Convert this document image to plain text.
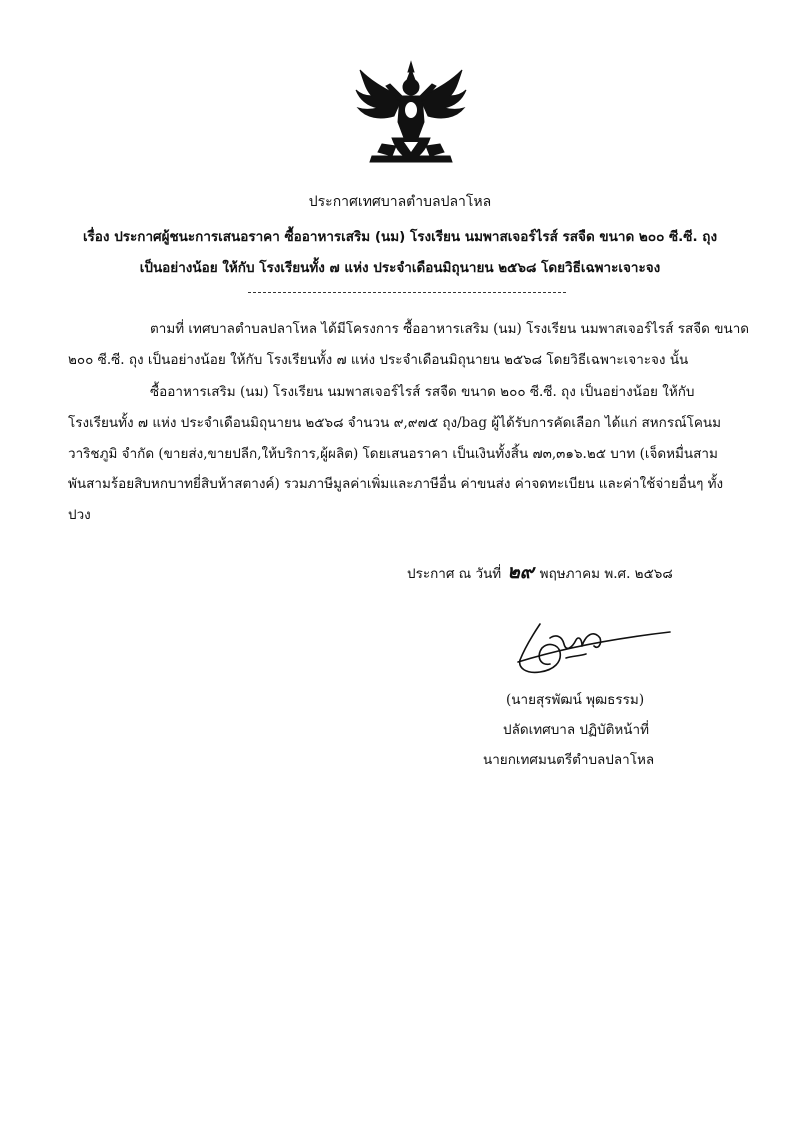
ประกาศเทศบาลตำบลปลาโหล
เรื่อง ประกาศผู้ชนะการเสนอราคา ซื้ออาหารเสริม (นม) โรงเรียน นมพาสเจอร์ไรส์ รสจืด ขนาด ๒๐๐ ซี.ซี. ถุง
เป็นอย่างน้อย ให้กับ โรงเรียนทั้ง ๗ แห่ง ประจำเดือนมิถุนายน ๒๕๖๘ โดยวิธีเฉพาะเจาะจง
ตามที่ เทศบาลตำบลปลาโหล ได้มีโครงการ ซื้ออาหารเสริม (นม) โรงเรียน นมพาสเจอร์ไรส์ รสจืด ขนาด
๒๐๐ ซี.ซี. ถุง เป็นอย่างน้อย ให้กับ โรงเรียนทั้ง ๗ แห่ง ประจำเดือนมิถุนายน ๒๕๖๘ โดยวิธีเฉพาะเจาะจง นั้น
ซื้ออาหารเสริม (นม) โรงเรียน นมพาสเจอร์ไรส์ รสจืด ขนาด ๒๐๐ ซี.ซี. ถุง เป็นอย่างน้อย ให้กับ
โรงเรียนทั้ง ๗ แห่ง ประจำเดือนมิถุนายน ๒๕๖๘ จำนวน ๙,๙๗๕ ถุง/bag ผู้ได้รับการคัดเลือก ได้แก่ สหกรณ์โคนม
วาริชภูมิ จำกัด (ขายส่ง,ขายปลีก,ให้บริการ,ผู้ผลิต) โดยเสนอราคา เป็นเงินทั้งสิ้น ๗๓,๓๑๖.๒๕ บาท (เจ็ดหมื่นสาม
พันสามร้อยสิบหกบาทยี่สิบห้าสตางค์) รวมภาษีมูลค่าเพิ่มและภาษีอื่น ค่าขนส่ง ค่าจดทะเบียน และค่าใช้จ่ายอื่นๆ ทั้ง
ปวง
ประกาศ ณ วันที่ ๒๙ พฤษภาคม พ.ศ. ๒๕๖๘
(นายสุรพัฒน์ พุฒธรรม)
ปลัดเทศบาล ปฏิบัติหน้าที่
นายกเทศมนตรีตำบลปลาโหล
